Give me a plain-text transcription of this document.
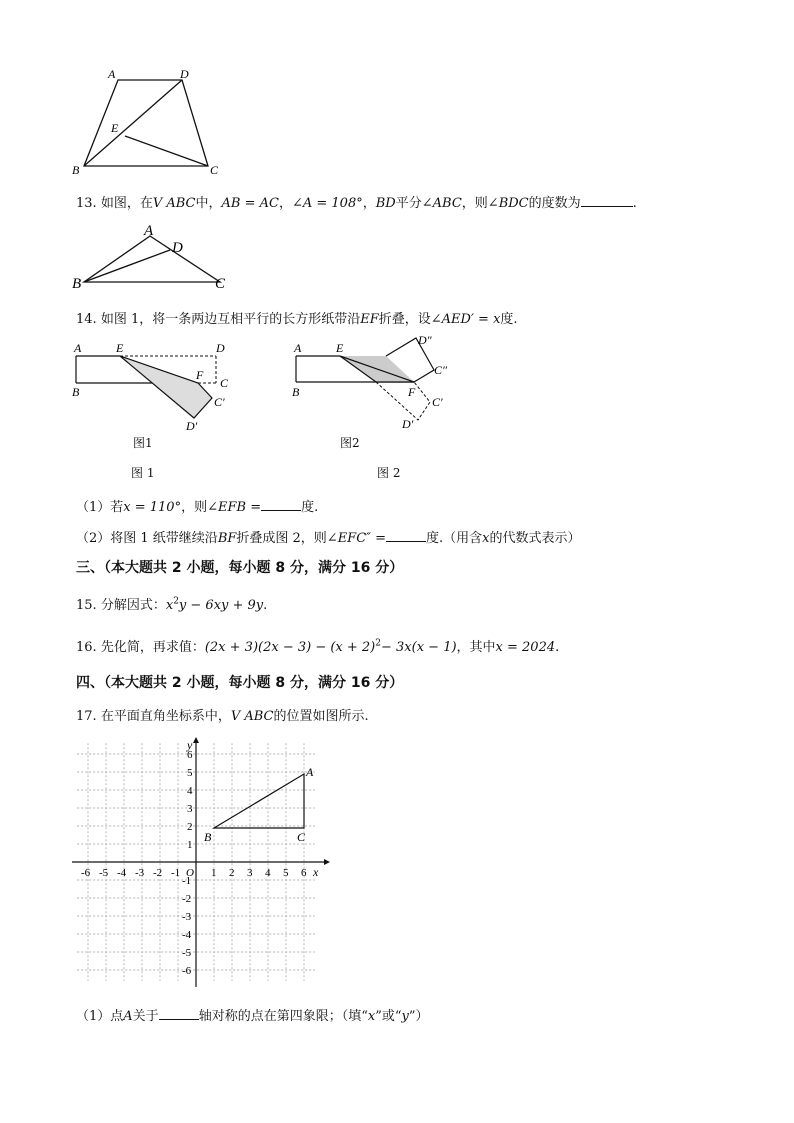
A	D
E
B	C
13. 如图，在V ABC中，AB = AC，∠A = 108°，BD平分∠ABC，则∠BDC的度数为	.
A
D
B	C
14. 如图 1，将一条两边互相平行的长方形纸带沿EF折叠，设∠AED′ = x度.
A	E	D
F
C
B
C′
D′
图1
图 1
A	E
D″
C″
F
B
C′
D′
图2
图 2
（1）若x = 110°，则∠EFB =	度.
（2）将图 1 纸带继续沿BF折叠成图 2，则∠EFC″ =	度.（用含x的代数式表示）
三、（本大题共 2 小题，每小题 8 分，满分 16 分）
15. 分解因式：$x^2y - 6xy + 9y$.
16. 先化简，再求值：$(2x + 3)(2x - 3) - (x + 2)^2- 3x(x - 1)$，其中x = 2024.
四、（本大题共 2 小题，每小题 8 分，满分 16 分）
17. 在平面直角坐标系中，V ABC的位置如图所示.
x
y
O
-6 -5 -4 -3 -2 -1	1 2 3 4 5 6
6
5
4
3
2
1
-1
-2
-3
-4
-5
-6
A
B	C
（1）点A关于	轴对称的点在第四象限；（填“x”或“y”）
